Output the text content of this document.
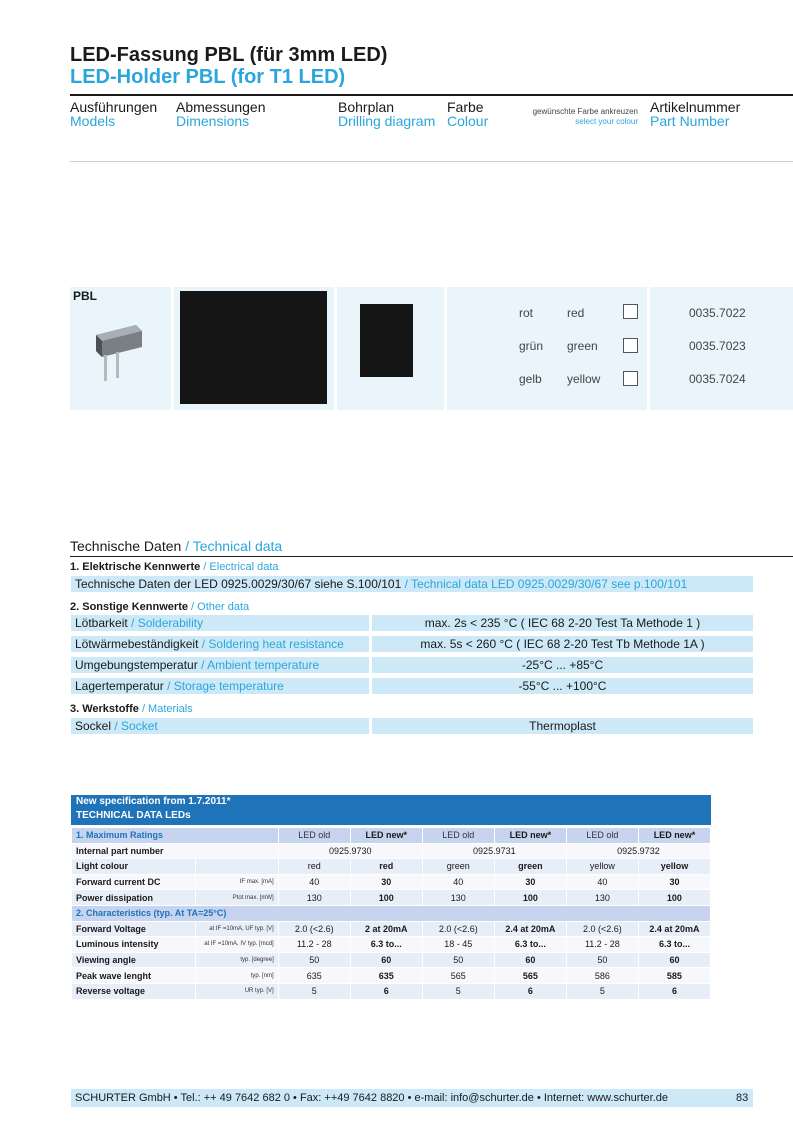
LED-Fassung PBL (für 3mm LED)
LED-Holder PBL (for T1 LED)
Ausführungen
Models
Abmessungen
Dimensions
Bohrplan
Drilling diagram
Farbe
Colour
gewünschte Farbe ankreuzen
select your colour
Artikelnummer
Part Number
PBL
rot	red	0035.7022
grün green	0035.7023
gelb yellow	0035.7024
Technische Daten / Technical data
1. Elektrische Kennwerte / Electrical data
Technische Daten der LED 0925.0029/30/67 siehe S.100/101 / Technical data LED 0925.0029/30/67 see p.100/101
2. Sonstige Kennwerte / Other data
Lötbarkeit / Solderability	max. 2s < 235 °C ( IEC 68 2-20 Test Ta Methode 1 )
Lötwärmebeständigkeit / Soldering heat resistance	max. 5s < 260 °C ( IEC 68 2-20 Test Tb Methode 1A )
Umgebungstemperatur / Ambient temperature	-25°C ... +85°C
Lagertemperatur / Storage temperature	-55°C ... +100°C
3. Werkstoffe / Materials
Sockel / Socket	Thermoplast
New specification from 1.7.2011*
TECHNICAL DATA LEDs
1. Maximum Ratings		LED old	LED new*	LED old	LED new*	LED old	LED new*
Internal part number		0925.9730		0925.9731		0925.9732	
Light colour		red	red	green	green	yellow	yellow
Forward current DC	IF max. [mA]	40	30	40	30	40	30
Power dissipation	Ptot max. [mW]	130	100	130	100	130	100
2. Characteristics (typ. At TA=25°C)							
Forward Voltage	at IF =10mA, UF typ. [V]	2.0 (<2.6)	2 at 20mA	2.0 (<2.6)	2.4 at 20mA	2.0 (<2.6)	2.4 at 20mA
Luminous intensity	at IF =10mA, IV typ. [mcd]	11.2 - 28	6.3 to...	18 - 45	6.3 to...	11.2 - 28	6.3 to...
Viewing angle	typ. [degree]	50	60	50	60	50	60
Peak wave lenght	typ. [nm]	635	635	565	565	586	585
Reverse voltage	UR typ. [V]	5	6	5	6	5	6
SCHURTER GmbH • Tel.: ++ 49 7642 682 0 • Fax: ++49 7642 8820 • e-mail: info@schurter.de • Internet: www.schurter.de	83
